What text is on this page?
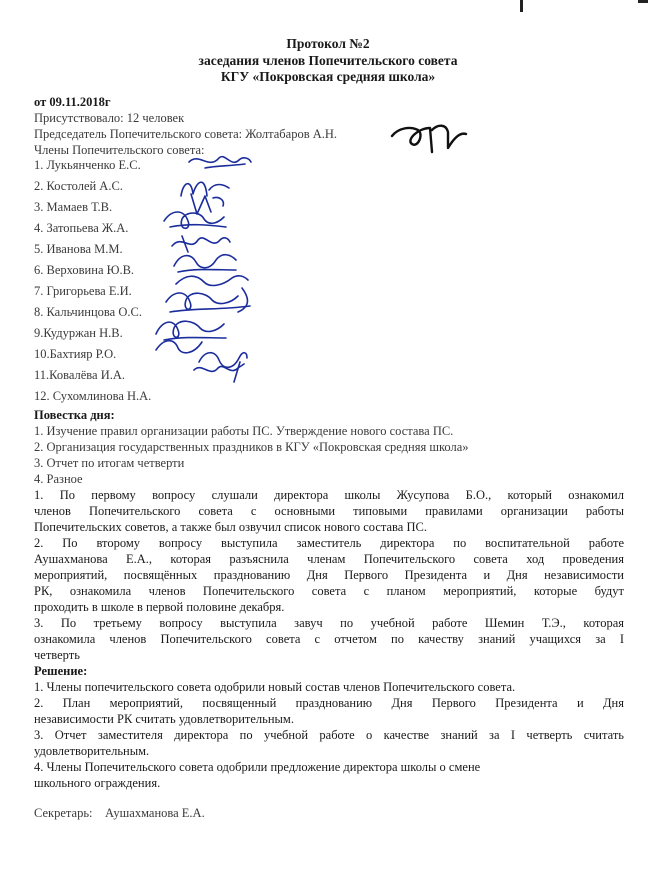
Протокол №2
заседания членов Попечительского совета
КГУ «Покровская средняя школа»
от 09.11.2018г
Присутствовало: 12 человек
Председатель Попечительского совета: Жолтабаров А.Н.
Члены Попечительского совета:
1. Лукьянченко Е.С.
2. Костолей А.С.
3. Мамаев Т.В.
4. Затопьева Ж.А.
5. Иванова М.М.
6. Верховина Ю.В.
7. Григорьева Е.И.
8. Кальчинцова О.С.
9.Кудуржан Н.В.
10.Бахтияр Р.О.
11.Ковалёва И.А.
12. Сухомлинова Н.А.
Повестка дня:
1. Изучение правил организации работы ПС. Утверждение нового состава ПС.
2. Организация государственных праздников в КГУ «Покровская средняя школа»
3. Отчет по итогам четверти
4. Разное
1. По первому вопросу слушали директора школы Жусупова Б.О., который ознакомил
членов Попечительского совета с основными типовыми правилами организации работы
Попечительских советов, а также был озвучил список нового состава ПС.
2. По второму вопросу выступила заместитель директора по воспитательной работе
Аушахманова Е.А., которая разъяснила членам Попечительского совета ход проведения
мероприятий, посвящённых празднованию Дня Первого Президента и Дня независимости
РК, ознакомила членов Попечительского совета с планом мероприятий, которые будут
проходить в школе в первой половине декабря.
3. По третьему вопросу выступила завуч по учебной работе Шемин Т.Э., которая
ознакомила членов Попечительского совета с отчетом по качеству знаний учащихся за I
четверть
Решение:
1. Члены попечительского совета одобрили новый состав членов Попечительского совета.
2. План мероприятий, посвященный празднованию Дня Первого Президента и Дня
независимости РК считать удовлетворительным.
3. Отчет заместителя директора по учебной работе о качестве знаний за I четверть считать
удовлетворительным.
4. Члены Попечительского совета одобрили предложение директора школы о смене
школьного ограждения.
Секретарь:    Аушахманова Е.А.
